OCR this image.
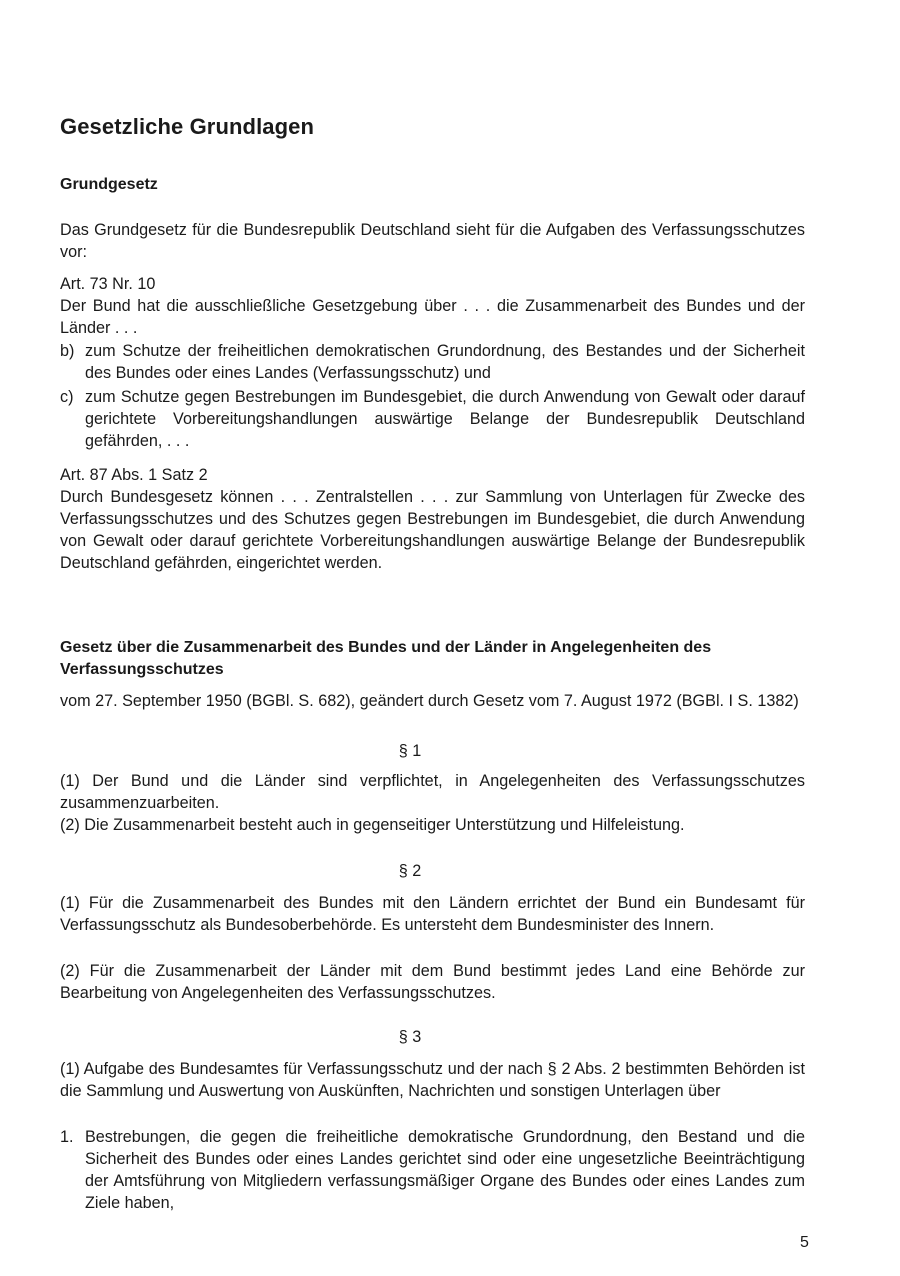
Gesetzliche Grundlagen
Grundgesetz

Das Grundgesetz für die Bundesrepublik Deutschland sieht für die Aufgaben des Verfassungsschutzes vor:

Art. 73 Nr. 10

Der Bund hat die ausschließliche Gesetzgebung über . . . die Zusammenarbeit des Bundes und der Länder . . .

b) zum Schutze der freiheitlichen demokratischen Grundordnung, des Bestandes und der Sicherheit des Bundes oder eines Landes (Verfassungsschutz) und
c) zum Schutze gegen Bestrebungen im Bundesgebiet, die durch Anwendung von Gewalt oder darauf gerichtete Vorbereitungshandlungen auswärtige Belange der Bundesrepublik Deutschland gefährden, . . .

Art. 87 Abs. 1 Satz 2

Durch Bundesgesetz können . . . Zentralstellen . . . zur Sammlung von Unterlagen für Zwecke des Verfassungsschutzes und des Schutzes gegen Bestrebungen im Bundesgebiet, die durch Anwendung von Gewalt oder darauf gerichtete Vorbereitungshandlungen auswärtige Belange der Bundesrepublik Deutschland gefährden, eingerichtet werden.

Gesetz über die Zusammenarbeit des Bundes und der Länder in Angelegenheiten des Verfassungsschutzes

vom 27. September 1950 (BGBl. S. 682), geändert durch Gesetz vom 7. August 1972 (BGBl. I S. 1382)

§ 1

(1) Der Bund und die Länder sind verpflichtet, in Angelegenheiten des Verfassungsschutzes zusammenzuarbeiten.

(2) Die Zusammenarbeit besteht auch in gegenseitiger Unterstützung und Hilfeleistung.

§ 2

(1) Für die Zusammenarbeit des Bundes mit den Ländern errichtet der Bund ein Bundesamt für Verfassungsschutz als Bundesoberbehörde. Es untersteht dem Bundesminister des Innern.

(2) Für die Zusammenarbeit der Länder mit dem Bund bestimmt jedes Land eine Behörde zur Bearbeitung von Angelegenheiten des Verfassungsschutzes.

§ 3

(1) Aufgabe des Bundesamtes für Verfassungsschutz und der nach § 2 Abs. 2 bestimmten Behörden ist die Sammlung und Auswertung von Auskünften, Nachrichten und sonstigen Unterlagen über

1. Bestrebungen, die gegen die freiheitliche demokratische Grundordnung, den Bestand und die Sicherheit des Bundes oder eines Landes gerichtet sind oder eine ungesetzliche Beeinträchtigung der Amtsführung von Mitgliedern verfassungsmäßiger Organe des Bundes oder eines Landes zum Ziele haben,
5
